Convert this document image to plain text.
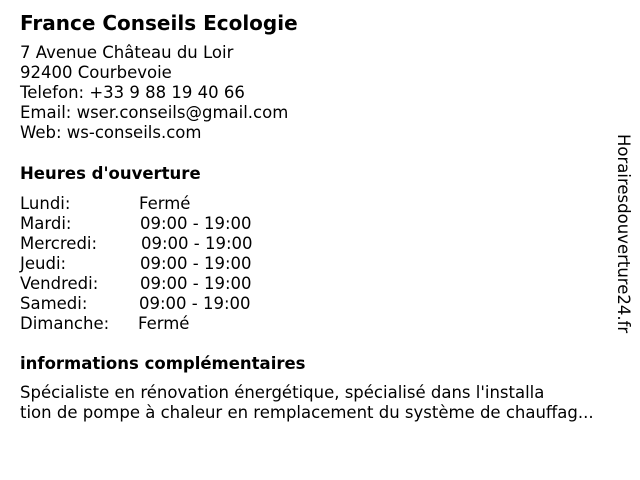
France Conseils Ecologie
7 Avenue Château du Loir
92400 Courbevoie
Telefon: +33 9 88 19 40 66
Email: wser.conseils@gmail.com
Web: ws-conseils.com
Heures d'ouverture
Lundi:	Fermé
Mardi:	09:00 - 19:00
Mercredi:	09:00 - 19:00
Jeudi:	09:00 - 19:00
Vendredi:	09:00 - 19:00
Samedi:	09:00 - 19:00
Dimanche: Fermé
informations complémentaires
Spécialiste en rénovation énergétique, spécialisé dans l'installa
tion de pompe à chaleur en remplacement du système de chauffag...
Horairesdouverture24.fr
